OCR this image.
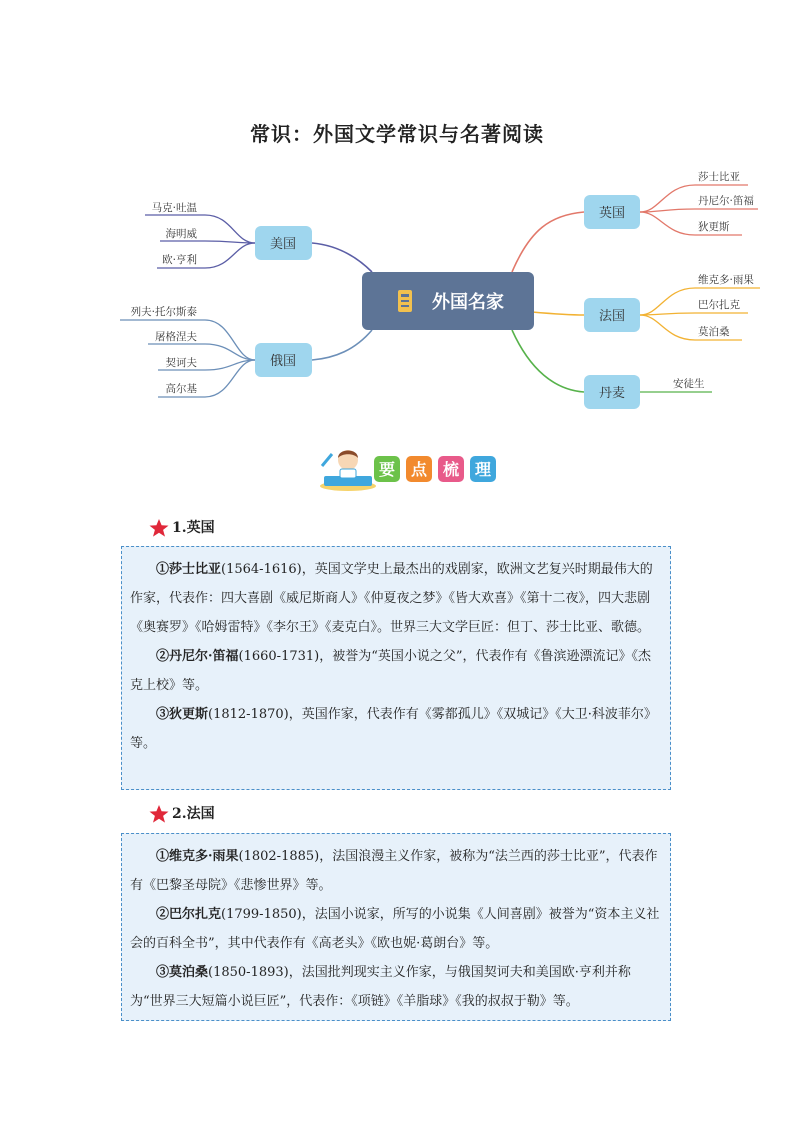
常识：外国文学常识与名著阅读
外国名家
英国
法国
丹麦
美国
俄国
莎士比亚
丹尼尔·笛福
狄更斯
维克多·雨果
巴尔扎克
莫泊桑
安徒生
马克·吐温
海明威
欧·亨利
列夫·托尔斯泰
屠格涅夫
契诃夫
高尔基
要 点 梳 理
1.英国

①莎士比亚(1564-1616)，英国文学史上最杰出的戏剧家，欧洲文艺复兴时期最伟大的作家，代表作：四大喜剧《威尼斯商人》《仲夏夜之梦》《皆大欢喜》《第十二夜》，四大悲剧《奥赛罗》《哈姆雷特》《李尔王》《麦克白》。世界三大文学巨匠：但丁、莎士比亚、歌德。

②丹尼尔·笛福(1660-1731)，被誉为“英国小说之父”，代表作有《鲁滨逊漂流记》《杰克上校》等。

③狄更斯(1812-1870)，英国作家，代表作有《雾都孤儿》《双城记》《大卫·科波菲尔》等。

2.法国

①维克多·雨果(1802-1885)，法国浪漫主义作家，被称为“法兰西的莎士比亚”，代表作有《巴黎圣母院》《悲惨世界》等。

②巴尔扎克(1799-1850)，法国小说家，所写的小说集《人间喜剧》被誉为“资本主义社会的百科全书”，其中代表作有《高老头》《欧也妮·葛朗台》等。

③莫泊桑(1850-1893)，法国批判现实主义作家，与俄国契诃夫和美国欧·亨利并称为“世界三大短篇小说巨匠”，代表作：《项链》《羊脂球》《我的叔叔于勒》等。
